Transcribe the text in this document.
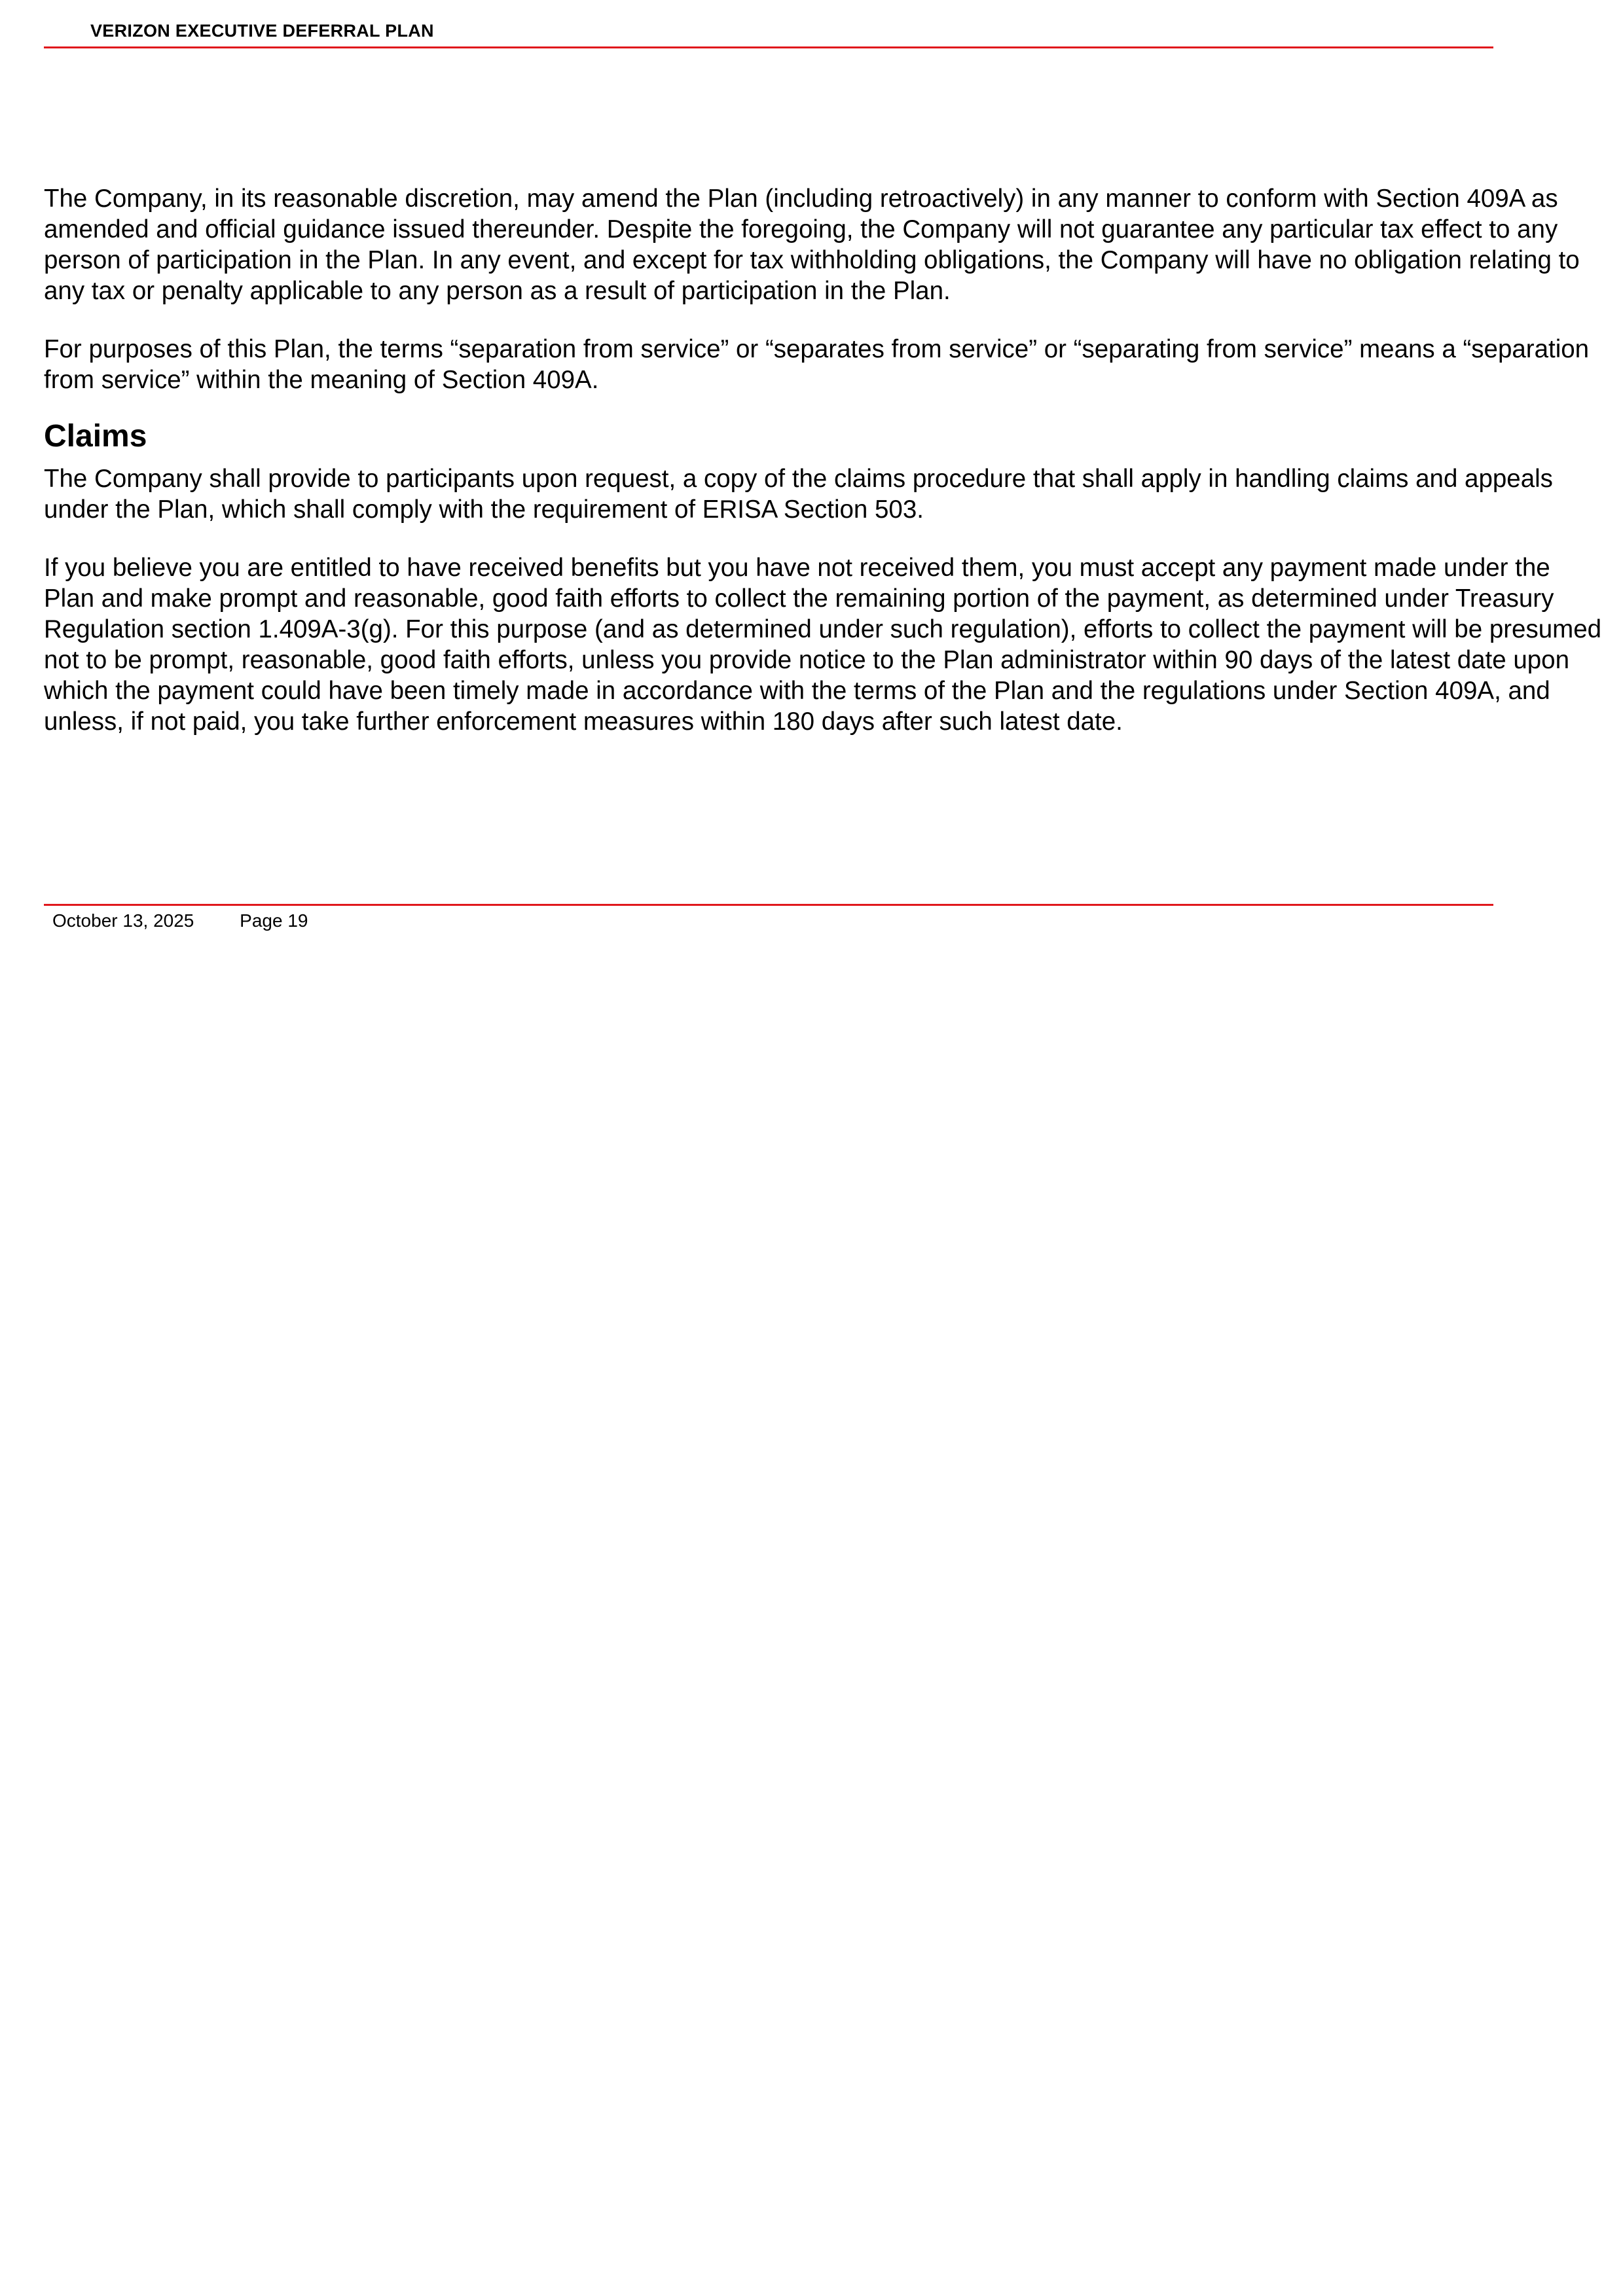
VERIZON EXECUTIVE DEFERRAL PLAN

The Company, in its reasonable discretion, may amend the Plan (including retroactively) in any manner to conform with Section 409A as amended and official guidance issued thereunder. Despite the foregoing, the Company will not guarantee any particular tax effect to any person of participation in the Plan. In any event, and except for tax withholding obligations, the Company will have no obligation relating to any tax or penalty applicable to any person as a result of participation in the Plan.

For purposes of this Plan, the terms “separation from service” or “separates from service” or “separating from service” means a “separation from service” within the meaning of Section 409A.

Claims

The Company shall provide to participants upon request, a copy of the claims procedure that shall apply in handling claims and appeals under the Plan, which shall comply with the requirement of ERISA Section 503.

If you believe you are entitled to have received benefits but you have not received them, you must accept any payment made under the Plan and make prompt and reasonable, good faith efforts to collect the remaining portion of the payment, as determined under Treasury Regulation section 1.409A-3(g). For this purpose (and as determined under such regulation), efforts to collect the payment will be presumed not to be prompt, reasonable, good faith efforts, unless you provide notice to the Plan administrator within 90 days of the latest date upon which the payment could have been timely made in accordance with the terms of the Plan and the regulations under Section 409A, and unless, if not paid, you take further enforcement measures within 180 days after such latest date.

October 13, 2025 Page 19
